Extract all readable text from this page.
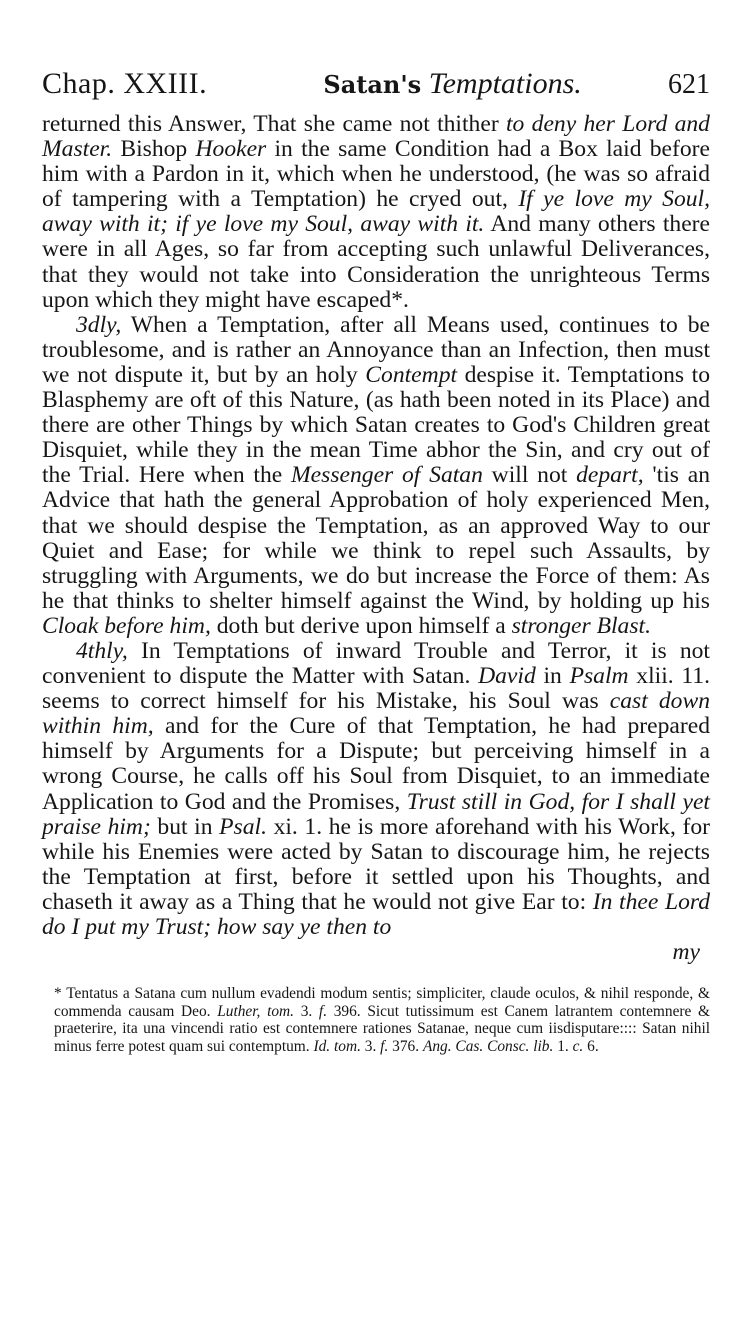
Chap. XXIII.	Satan's Temptations.	621

returned this Answer, That she came not thither to deny her Lord and Master. Bishop Hooker in the same Condition had a Box laid before him with a Pardon in it, which when he understood, (he was so afraid of tampering with a Temptation) he cryed out, If ye love my Soul, away with it; if ye love my Soul, away with it. And many others there were in all Ages, so far from accepting such unlawful Deliverances, that they would not take into Consideration the unrighteous Terms upon which they might have escaped*.

3dly, When a Temptation, after all Means used, continues to be troublesome, and is rather an Annoyance than an Infection, then must we not dispute it, but by an holy Contempt despise it. Temptations to Blasphemy are oft of this Nature, (as hath been noted in its Place) and there are other Things by which Satan creates to God's Children great Disquiet, while they in the mean Time abhor the Sin, and cry out of the Trial. Here when the Messenger of Satan will not depart, 'tis an Advice that hath the general Approbation of holy experienced Men, that we should despise the Temptation, as an approved Way to our Quiet and Ease; for while we think to repel such Assaults, by struggling with Arguments, we do but increase the Force of them: As he that thinks to shelter himself against the Wind, by holding up his Cloak before him, doth but derive upon himself a stronger Blast.

4thly, In Temptations of inward Trouble and Terror, it is not convenient to dispute the Matter with Satan. David in Psalm xlii. 11. seems to correct himself for his Mistake, his Soul was cast down within him, and for the Cure of that Temptation, he had prepared himself by Arguments for a Dispute; but perceiving himself in a wrong Course, he calls off his Soul from Disquiet, to an immediate Application to God and the Promises, Trust still in God, for I shall yet praise him; but in Psal. xi. 1. he is more aforehand with his Work, for while his Enemies were acted by Satan to discourage him, he rejects the Temptation at first, before it settled upon his Thoughts, and chaseth it away as a Thing that he would not give Ear to: In thee Lord do I put my Trust; how say ye then to

my

* Tentatus a Satana cum nullum evadendi modum sentis; simpliciter, claude oculos, & nihil responde, & commenda causam Deo. Luther, tom. 3. f. 396. Sicut tutissimum est Canem latrantem contemnere & praeterire, ita una vincendi ratio est contemnere rationes Satanae, neque cum iisdisputare:::: Satan nihil minus ferre potest quam sui contemptum. Id. tom. 3. f. 376. Ang. Cas. Consc. lib. 1. c. 6.
